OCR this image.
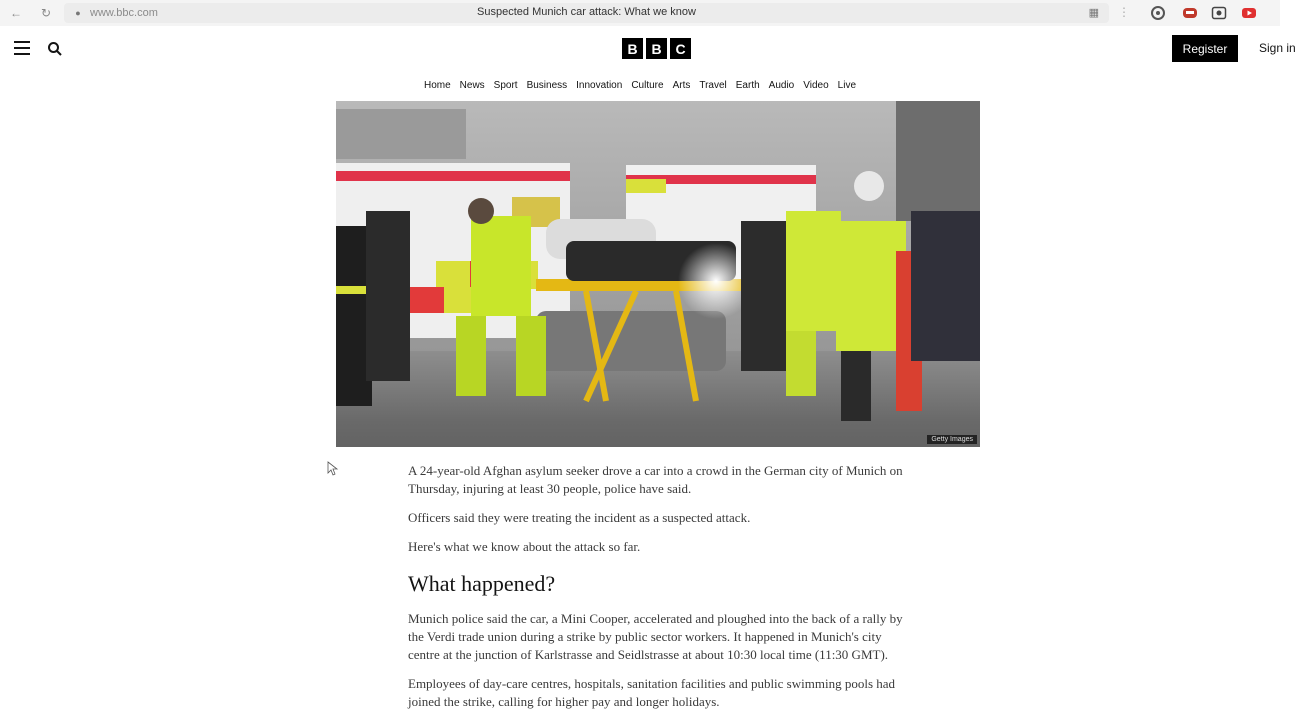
←	↻	● www.bbc.com	Suspected Munich car attack: What we know	▦ ⋮
B B C	Register	Sign in
Home News Sport Business Innovation Culture Arts Travel Earth Audio Video Live
Getty Images

A 24-year-old Afghan asylum seeker drove a car into a crowd in the German city of Munich on Thursday, injuring at least 30 people, police have said.

Officers said they were treating the incident as a suspected attack.

Here's what we know about the attack so far.

What happened?

Munich police said the car, a Mini Cooper, accelerated and ploughed into the back of a rally by the Verdi trade union during a strike by public sector workers. It happened in Munich's city centre at the junction of Karlstrasse and Seidlstrasse at about 10:30 local time (11:30 GMT).

Employees of day-care centres, hospitals, sanitation facilities and public swimming pools had joined the strike, calling for higher pay and longer holidays.
